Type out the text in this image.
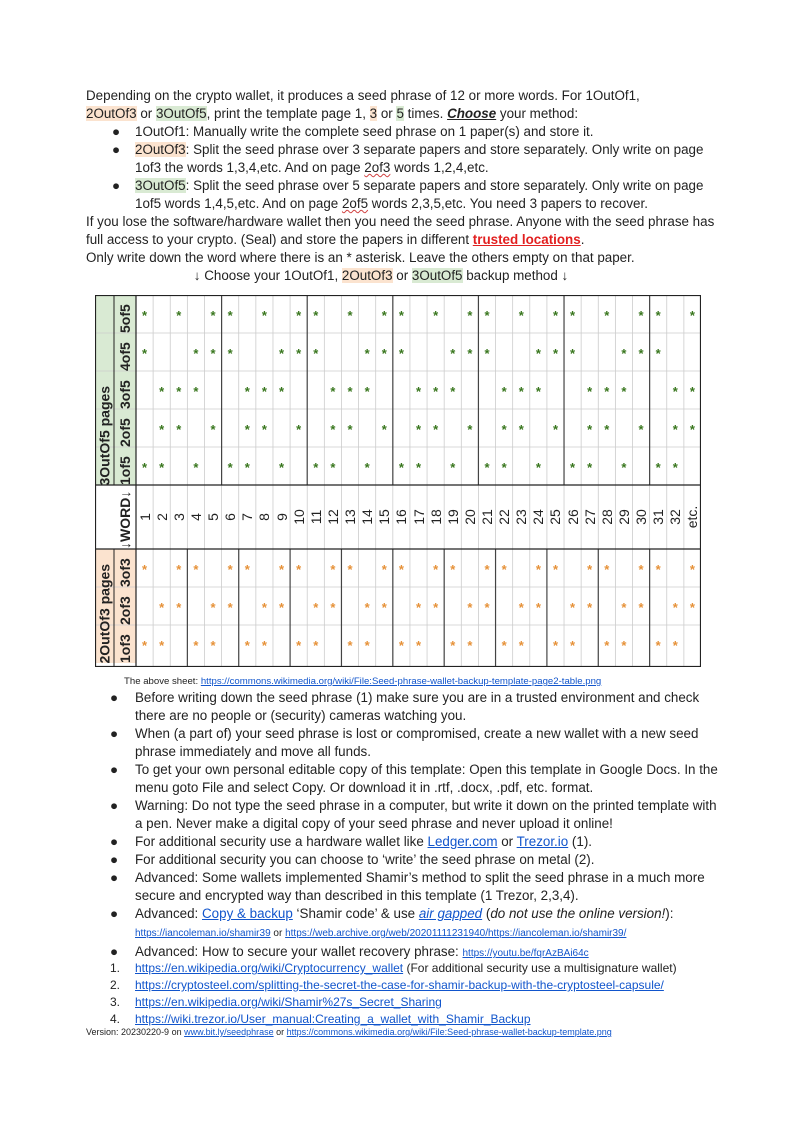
Depending on the crypto wallet, it produces a seed phrase of 12 or more words. For 1OutOf1,
2OutOf3 or 3OutOf5, print the template page 1, 3 or 5 times. Choose your method:

● 1OutOf1: Manually write the complete seed phrase on 1 paper(s) and store it.
● 2OutOf3: Split the seed phrase over 3 separate papers and store separately. Only write on page 1of3 the words 1,3,4,etc. And on page 2of3 words 1,2,4,etc.
● 3OutOf5: Split the seed phrase over 5 separate papers and store separately. Only write on page 1of5 words 1,4,5,etc. And on page 2of5 words 2,3,5,etc. You need 3 papers to recover.

If you lose the software/hardware wallet then you need the seed phrase. Anyone with the seed phrase has full access to your crypto. (Seal) and store the papers in different trusted locations.

Only write down the word where there is an * asterisk. Leave the others empty on that paper.

↓ Choose your 1OutOf1, 2OutOf3 or 3OutOf5 backup method ↓

3OutOf5 pages
2OutOf3 pages
↓WORD↓
5of5
4of5
3of5
2of5
1of5
3of3
2of3
1of3
1 2 3 4 5 6 7 8 9 10 11 12 13 14 15 16 17 18 19 20 21 22 23 24 25 26 27 28 29 30 31 32 etc.
*
*
*
*
*
*
*
*
*
*
*
*
*
*
*
*
*
*
*
*
*
*
*
*
*
*
*
*
*
*
*
*
*
*
*
*
*
*
*
*
*
*
*
*
*
*
*
*
*
*
*
*
*
*
*
*
*
*
*
*
*
*
*
*
*
*
*
*
*
*
*
*
*
*
*
*
*
*
*
*
*
*
*
*
*
*
*
*
*
*
*
*
*
*
*
*
*
*
*
*
*
*
*
*
*
*
*
*
*
*
*
*
*
*
*
*
*
*
*
*
*
*
*
*
*
*
*
*
*
*
*
*
*
*
*
*
*
*
*
*
*
*
*
*
*
*
*
*
*
*
*
*
*
*
*
*
*
*
*
*
*
*
*
*
*
The above sheet: https://commons.wikimedia.org/wiki/File:Seed-phrase-wallet-backup-template-page2-table.png
● Before writing down the seed phrase (1) make sure you are in a trusted environment and check there are no people or (security) cameras watching you.
● When (a part of) your seed phrase is lost or compromised, create a new wallet with a new seed phrase immediately and move all funds.
● To get your own personal editable copy of this template: Open this template in Google Docs. In the menu goto File and select Copy. Or download it in .rtf, .docx, .pdf, etc. format.
● Warning: Do not type the seed phrase in a computer, but write it down on the printed template with a pen. Never make a digital copy of your seed phrase and never upload it online!
● For additional security use a hardware wallet like Ledger.com or Trezor.io (1).
● For additional security you can choose to ‘write’ the seed phrase on metal (2).
● Advanced: Some wallets implemented Shamir’s method to split the seed phrase in a much more secure and encrypted way than described in this template (1 Trezor, 2,3,4).
● Advanced: Copy & backup ‘Shamir code’ & use air gapped (do not use the online version!):
https://iancoleman.io/shamir39 or https://web.archive.org/web/20201111231940/https://iancoleman.io/shamir39/
● Advanced: How to secure your wallet recovery phrase: https://youtu.be/fqrAzBAi64c
1. https://en.wikipedia.org/wiki/Cryptocurrency_wallet (For additional security use a multisignature wallet)
2. https://cryptosteel.com/splitting-the-secret-the-case-for-shamir-backup-with-the-cryptosteel-capsule/
3. https://en.wikipedia.org/wiki/Shamir%27s_Secret_Sharing
4. https://wiki.trezor.io/User_manual:Creating_a_wallet_with_Shamir_Backup
Version: 20230220-9 on www.bit.ly/seedphrase or https://commons.wikimedia.org/wiki/File:Seed-phrase-wallet-backup-template.png
